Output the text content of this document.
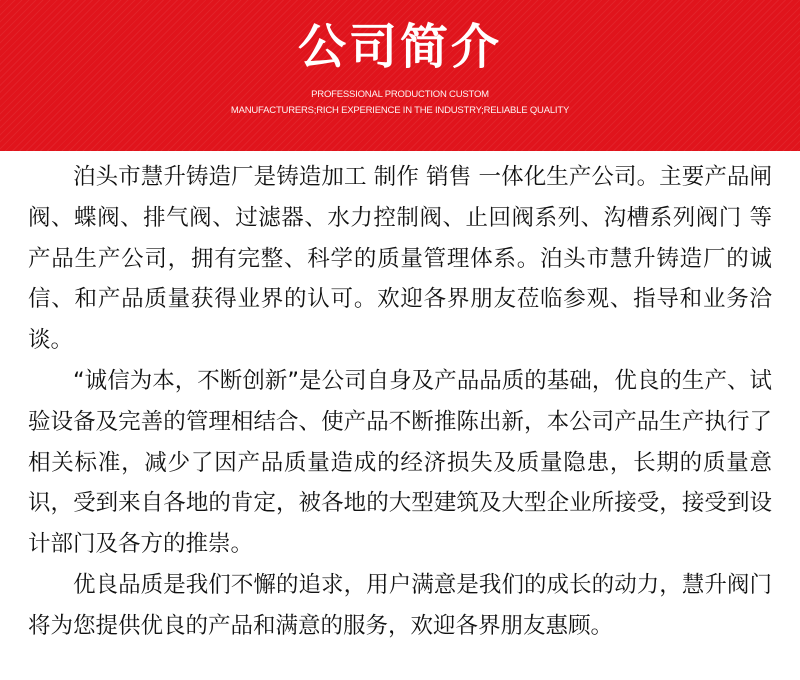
公司简介
PROFESSIONAL PRODUCTION CUSTOM
MANUFACTURERS;RICH EXPERIENCE IN THE INDUSTRY;RELIABLE QUALITY

泊头市慧升铸造厂是铸造加工 制作 销售 一体化生产公司。主要产品闸阀、蝶阀、排气阀、过滤器、水力控制阀、止回阀系列、沟槽系列阀门 等产品生产公司，拥有完整、科学的质量管理体系。泊头市慧升铸造厂的诚信、和产品质量获得业界的认可。欢迎各界朋友莅临参观、指导和业务洽谈。

“诚信为本，不断创新”是公司自身及产品品质的基础，优良的生产、试验设备及完善的管理相结合、使产品不断推陈出新，本公司产品生产执行了相关标准，减少了因产品质量造成的经济损失及质量隐患，长期的质量意识，受到来自各地的肯定，被各地的大型建筑及大型企业所接受，接受到设计部门及各方的推崇。

优良品质是我们不懈的追求，用户满意是我们的成长的动力，慧升阀门将为您提供优良的产品和满意的服务，欢迎各界朋友惠顾。
